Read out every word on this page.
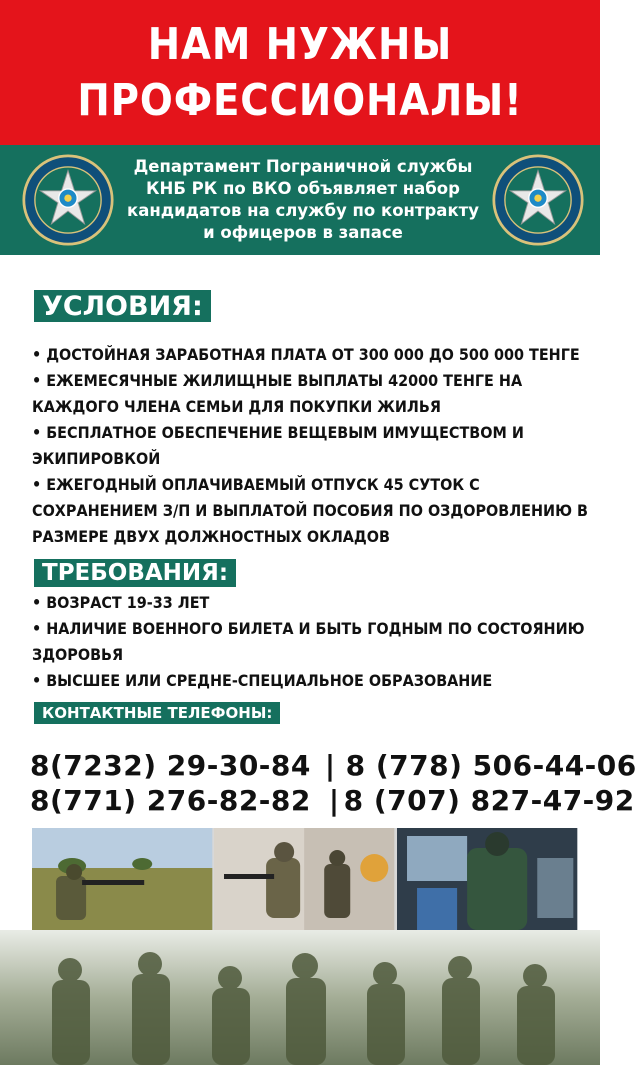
НАМ НУЖНЫ
ПРОФЕССИОНАЛЫ!
Департамент Пограничной службы
КНБ РК по ВКО объявляет набор
кандидатов на службу по контракту
и офицеров в запасе
УСЛОВИЯ:
• ДОСТОЙНАЯ ЗАРАБОТНАЯ ПЛАТА ОТ 300 000 ДО 500 000 ТЕНГЕ
• ЕЖЕМЕСЯЧНЫЕ ЖИЛИЩНЫЕ ВЫПЛАТЫ 42000 ТЕНГЕ НА
КАЖДОГО ЧЛЕНА СЕМЬИ ДЛЯ ПОКУПКИ ЖИЛЬЯ
• БЕСПЛАТНОЕ ОБЕСПЕЧЕНИЕ ВЕЩЕВЫМ ИМУЩЕСТВОМ И
ЭКИПИРОВКОЙ
• ЕЖЕГОДНЫЙ ОПЛАЧИВАЕМЫЙ ОТПУСК 45 СУТОК С
СОХРАНЕНИЕМ З/П И ВЫПЛАТОЙ ПОСОБИЯ ПО ОЗДОРОВЛЕНИЮ В
РАЗМЕРЕ ДВУХ ДОЛЖНОСТНЫХ ОКЛАДОВ
ТРЕБОВАНИЯ:
• ВОЗРАСТ 19-33 ЛЕТ
• НАЛИЧИЕ ВОЕННОГО БИЛЕТА И БЫТЬ ГОДНЫМ ПО СОСТОЯНИЮ
ЗДОРОВЬЯ
• ВЫСШЕЕ ИЛИ СРЕДНЕ-СПЕЦИАЛЬНОЕ ОБРАЗОВАНИЕ
КОНТАКТНЫЕ ТЕЛЕФОНЫ:
8(7232) 29-30-84 | 8 (778) 506-44-06
8(771) 276-82-82 | 8 (707) 827-47-92
